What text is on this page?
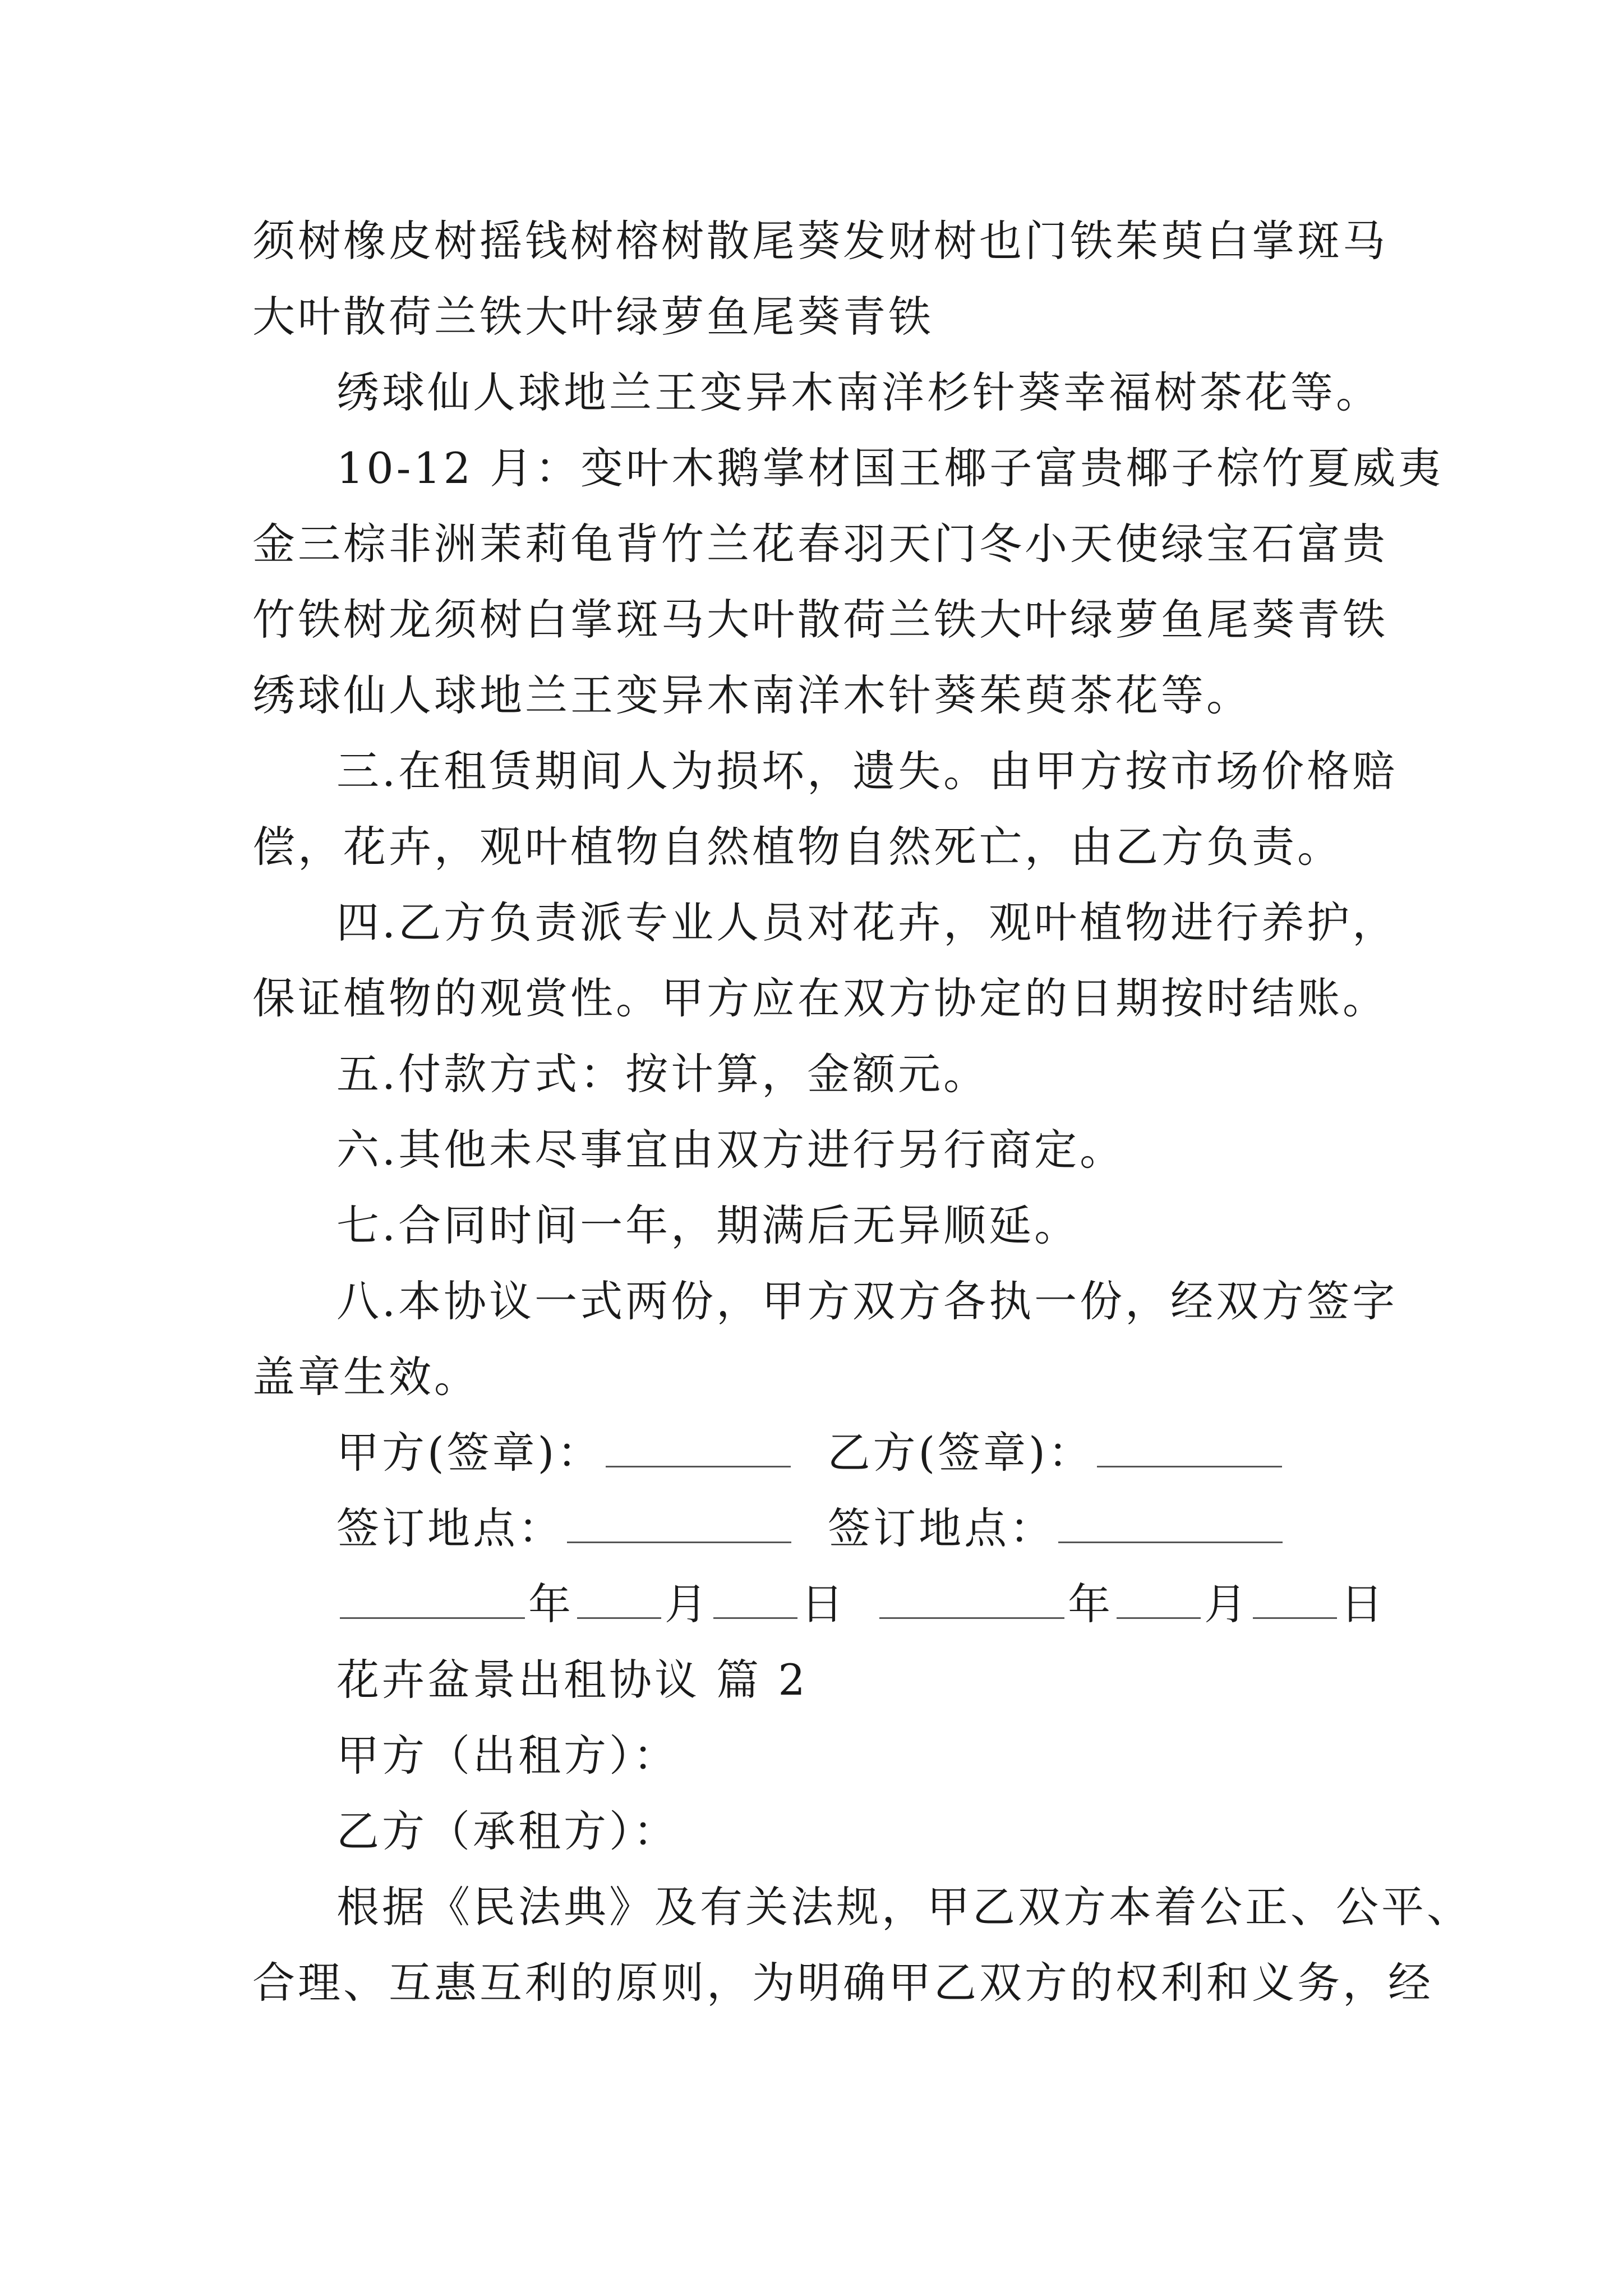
须树橡皮树摇钱树榕树散尾葵发财树也门铁茱萸白掌斑马
大叶散荷兰铁大叶绿萝鱼尾葵青铁
绣球仙人球地兰王变异木南洋杉针葵幸福树茶花等。
10-12 月：变叶木鹅掌材国王椰子富贵椰子棕竹夏威夷
金三棕非洲茉莉龟背竹兰花春羽天门冬小天使绿宝石富贵
竹铁树龙须树白掌斑马大叶散荷兰铁大叶绿萝鱼尾葵青铁
绣球仙人球地兰王变异木南洋木针葵茱萸茶花等。
三.在租赁期间人为损坏，遗失。由甲方按市场价格赔
偿，花卉，观叶植物自然植物自然死亡，由乙方负责。
四.乙方负责派专业人员对花卉，观叶植物进行养护，
保证植物的观赏性。甲方应在双方协定的日期按时结账。
五.付款方式：按计算，金额元。
六.其他未尽事宜由双方进行另行商定。
七.合同时间一年，期满后无异顺延。
八.本协议一式两份，甲方双方各执一份，经双方签字
盖章生效。
甲方(签章)：	乙方(签章)：
签订地点：	签订地点：
年 月 日	年 月 日
花卉盆景出租协议 篇 2
甲方（出租方）：
乙方（承租方）：
根据《民法典》及有关法规，甲乙双方本着公正、公平、
合理、互惠互利的原则，为明确甲乙双方的权利和义务，经
